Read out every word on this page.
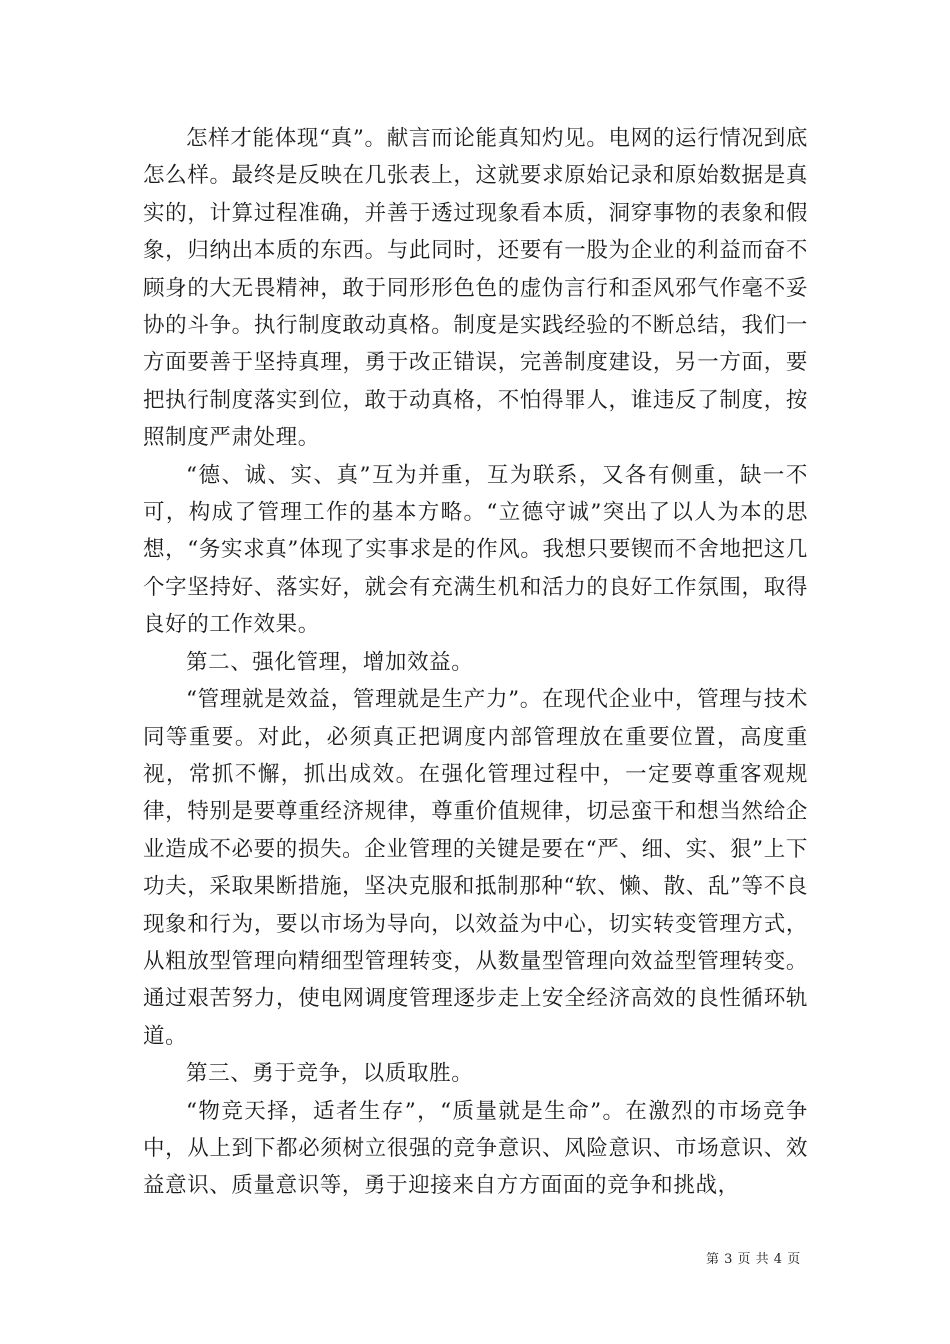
怎样才能体现“真”。献言而论能真知灼见。电网的运行情况到底怎么样。最终是反映在几张表上，这就要求原始记录和原始数据是真实的，计算过程准确，并善于透过现象看本质，洞穿事物的表象和假象，归纳出本质的东西。与此同时，还要有一股为企业的利益而奋不顾身的大无畏精神，敢于同形形色色的虚伪言行和歪风邪气作毫不妥协的斗争。执行制度敢动真格。制度是实践经验的不断总结，我们一方面要善于坚持真理，勇于改正错误，完善制度建设，另一方面，要把执行制度落实到位，敢于动真格，不怕得罪人，谁违反了制度，按照制度严肃处理。

“德、诚、实、真”互为并重，互为联系，又各有侧重，缺一不可，构成了管理工作的基本方略。“立德守诚”突出了以人为本的思想，“务实求真”体现了实事求是的作风。我想只要锲而不舍地把这几个字坚持好、落实好，就会有充满生机和活力的良好工作氛围，取得良好的工作效果。

第二、强化管理，增加效益。

“管理就是效益，管理就是生产力”。在现代企业中，管理与技术同等重要。对此，必须真正把调度内部管理放在重要位置，高度重视，常抓不懈，抓出成效。在强化管理过程中，一定要尊重客观规律，特别是要尊重经济规律，尊重价值规律，切忌蛮干和想当然给企业造成不必要的损失。企业管理的关键是要在“严、细、实、狠”上下功夫，采取果断措施，坚决克服和抵制那种“软、懒、散、乱”等不良现象和行为，要以市场为导向，以效益为中心，切实转变管理方式，从粗放型管理向精细型管理转变，从数量型管理向效益型管理转变。通过艰苦努力，使电网调度管理逐步走上安全经济高效的良性循环轨道。

第三、勇于竞争，以质取胜。

“物竞天择，适者生存”，“质量就是生命”。在激烈的市场竞争中，从上到下都必须树立很强的竞争意识、风险意识、市场意识、效益意识、质量意识等，勇于迎接来自方方面面的竞争和挑战，

第 3 页 共 4 页
